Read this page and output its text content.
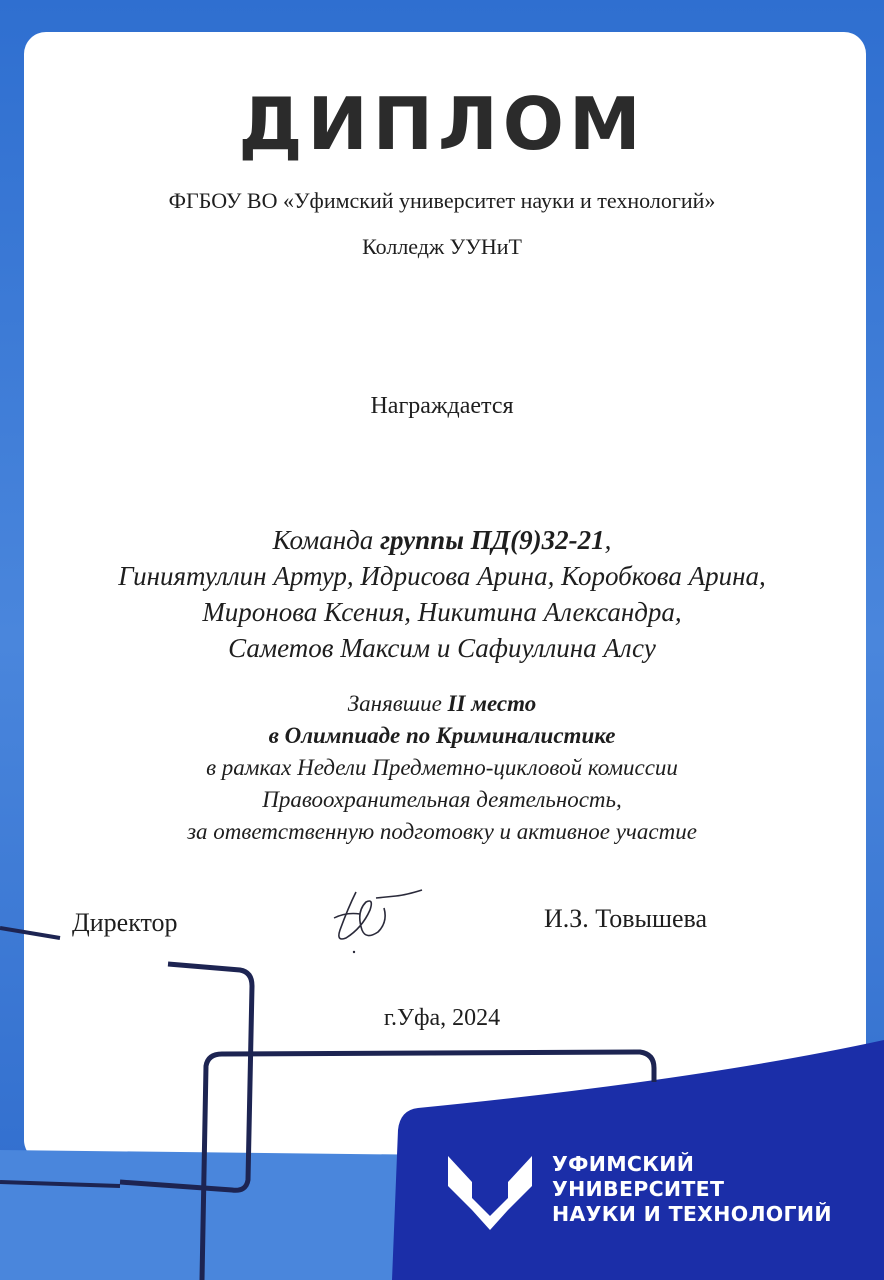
ДИПЛОМ
ФГБОУ ВО «Уфимский университет науки и технологий»
Колледж УУНиТ
Награждается
Команда группы ПД(9)32-21,
Гиниятуллин Артур, Идрисова Арина, Коробкова Арина,
Миронова Ксения, Никитина Александра,
Саметов Максим и Сафиуллина Алсу
Занявшие II место
в Олимпиаде по Криминалистике
в рамках Недели Предметно-цикловой комиссии
Правоохранительная деятельность,
за ответственную подготовку и активное участие
Директор	И.З. Товышева
г.Уфа, 2024
УФИМСКИЙ
УНИВЕРСИТЕТ
НАУКИ И ТЕХНОЛОГИЙ
